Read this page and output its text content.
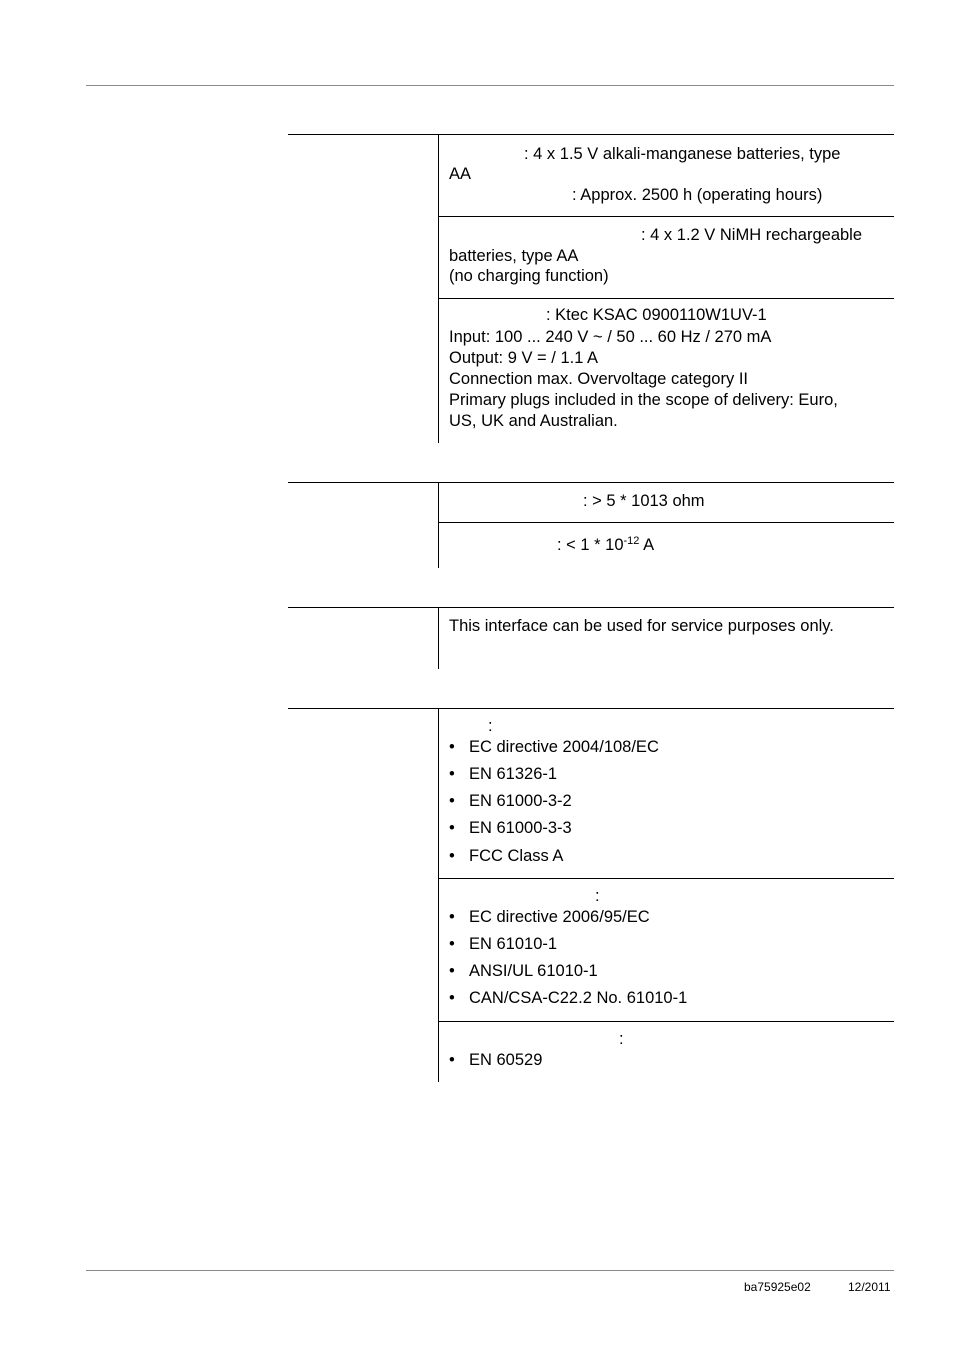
: 4 x 1.5 V alkali-manganese batteries, type
AA
: Approx. 2500 h (operating hours)
: 4 x 1.2 V NiMH rechargeable
batteries, type AA
(no charging function)
: Ktec KSAC 0900110W1UV-1
Input: 100 ... 240 V ~ / 50 ... 60 Hz / 270 mA
Output: 9 V = / 1.1 A
Connection max. Overvoltage category II
Primary plugs included in the scope of delivery: Euro,
US, UK and Australian.
: > 5 * 1013 ohm
: < $1 * 10^{-12}$ A
This interface can be used for service purposes only.
:
• EC directive 2004/108/EC
• EN 61326-1
• EN 61000-3-2
• EN 61000-3-3
• FCC Class A
:
• EC directive 2006/95/EC
• EN 61010-1
• ANSI/UL 61010-1
• CAN/CSA-C22.2 No. 61010-1
:
• EN 60529
ba75925e02	12/2011
